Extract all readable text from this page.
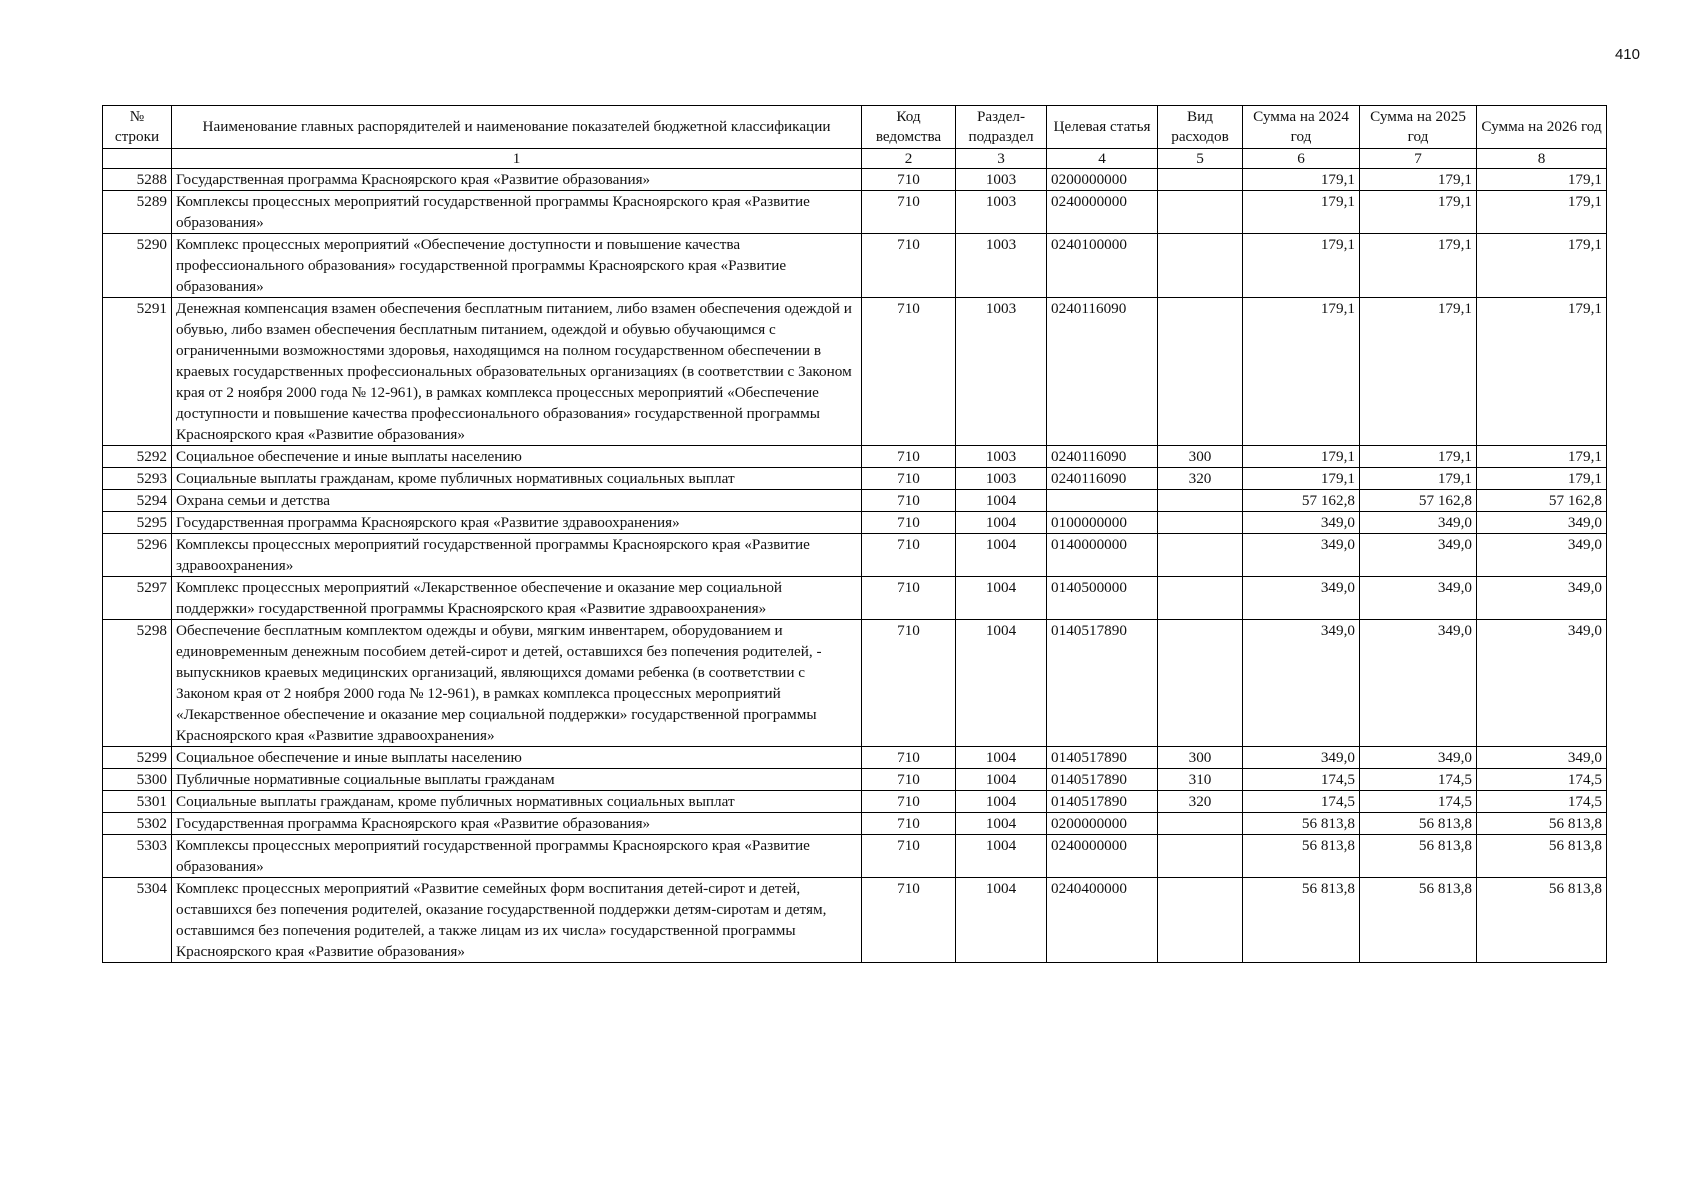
410
№ строки	Наименование главных распорядителей и наименование показателей бюджетной классификации	Код ведомства	Раздел-подраздел	Целевая статья	Вид расходов	Сумма на 2024 год	Сумма на 2025 год	Сумма на 2026 год
	1	2	3	4	5	6	7	8
5288	Государственная программа Красноярского края «Развитие образования»	710	1003	0200000000		179,1	179,1	179,1
5289	Комплексы процессных мероприятий государственной программы Красноярского края «Развитие образования»	710	1003	0240000000		179,1	179,1	179,1
5290	Комплекс процессных мероприятий «Обеспечение доступности и повышение качества профессионального образования» государственной программы Красноярского края «Развитие образования»	710	1003	0240100000		179,1	179,1	179,1
5291	Денежная компенсация взамен обеспечения бесплатным питанием, либо взамен обеспечения одеждой и обувью, либо взамен обеспечения бесплатным питанием, одеждой и обувью обучающимся с ограниченными возможностями здоровья, находящимся на полном государственном обеспечении в краевых государственных профессиональных образовательных организациях (в соответствии с Законом края от 2 ноября 2000 года № 12-961), в рамках комплекса процессных мероприятий «Обеспечение доступности и повышение качества профессионального образования» государственной программы Красноярского края «Развитие образования»	710	1003	0240116090		179,1	179,1	179,1
5292	Социальное обеспечение и иные выплаты населению	710	1003	0240116090	300	179,1	179,1	179,1
5293	Социальные выплаты гражданам, кроме публичных нормативных социальных выплат	710	1003	0240116090	320	179,1	179,1	179,1
5294	Охрана семьи и детства	710	1004			57 162,8	57 162,8	57 162,8
5295	Государственная программа Красноярского края «Развитие здравоохранения»	710	1004	0100000000		349,0	349,0	349,0
5296	Комплексы процессных мероприятий государственной программы Красноярского края «Развитие здравоохранения»	710	1004	0140000000		349,0	349,0	349,0
5297	Комплекс процессных мероприятий «Лекарственное обеспечение и оказание мер социальной поддержки» государственной программы Красноярского края «Развитие здравоохранения»	710	1004	0140500000		349,0	349,0	349,0
5298	Обеспечение бесплатным комплектом одежды и обуви, мягким инвентарем, оборудованием и единовременным денежным пособием детей-сирот и детей, оставшихся без попечения родителей, - выпускников краевых медицинских организаций, являющихся домами ребенка (в соответствии с Законом края от 2 ноября 2000 года № 12-961), в рамках комплекса процессных мероприятий «Лекарственное обеспечение и оказание мер социальной поддержки» государственной программы Красноярского края «Развитие здравоохранения»	710	1004	0140517890		349,0	349,0	349,0
5299	Социальное обеспечение и иные выплаты населению	710	1004	0140517890	300	349,0	349,0	349,0
5300	Публичные нормативные социальные выплаты гражданам	710	1004	0140517890	310	174,5	174,5	174,5
5301	Социальные выплаты гражданам, кроме публичных нормативных социальных выплат	710	1004	0140517890	320	174,5	174,5	174,5
5302	Государственная программа Красноярского края «Развитие образования»	710	1004	0200000000		56 813,8	56 813,8	56 813,8
5303	Комплексы процессных мероприятий государственной программы Красноярского края «Развитие образования»	710	1004	0240000000		56 813,8	56 813,8	56 813,8
5304	Комплекс процессных мероприятий «Развитие семейных форм воспитания детей-сирот и детей, оставшихся без попечения родителей, оказание государственной поддержки детям-сиротам и детям, оставшимся без попечения родителей, а также лицам из их числа» государственной программы Красноярского края «Развитие образования»	710	1004	0240400000		56 813,8	56 813,8	56 813,8
